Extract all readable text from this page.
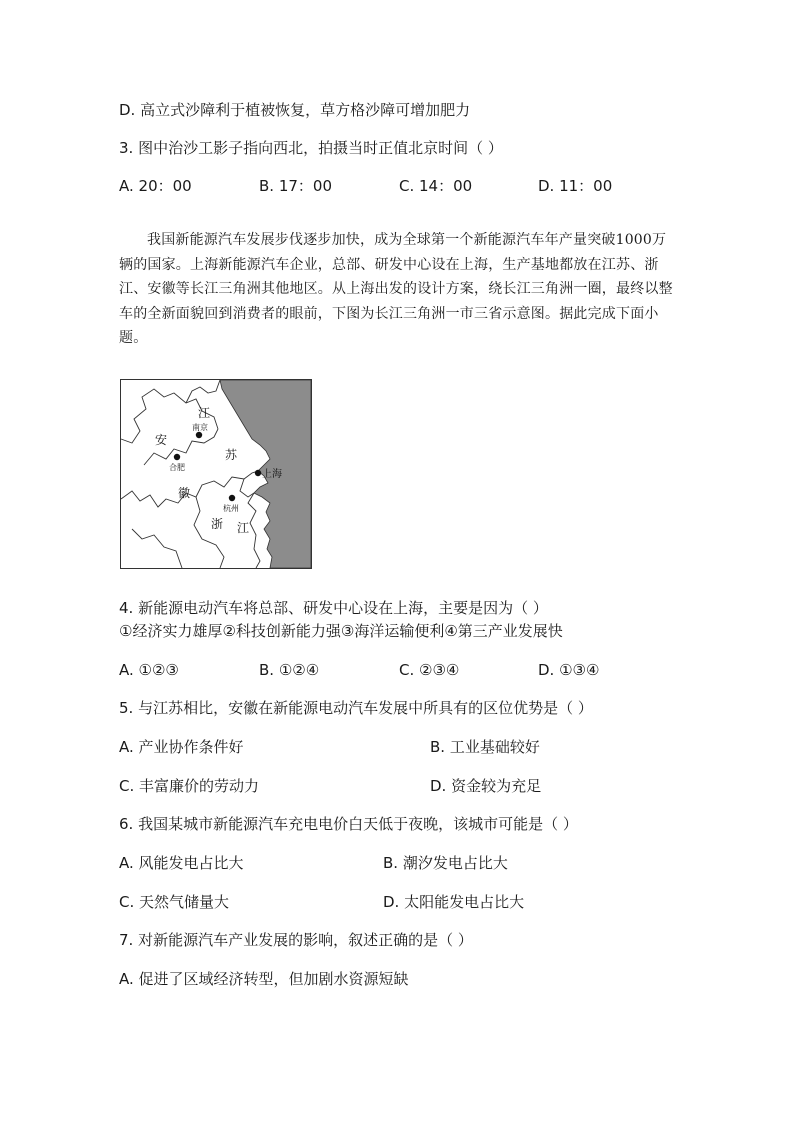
D. 高立式沙障利于植被恢复，草方格沙障可增加肥力
3. 图中治沙工影子指向西北，拍摄当时正值北京时间（ ）
A. 20：00	B. 17：00	C. 14：00	D. 11：00
我国新能源汽车发展步伐逐步加快，成为全球第一个新能源汽车年产量突破1000万辆的国家。上海新能源汽车企业，总部、研发中心设在上海，生产基地都放在江苏、浙江、安徽等长江三角洲其他地区。从上海出发的设计方案，绕长江三角洲一圈，最终以整车的全新面貌回到消费者的眼前，下图为长江三角洲一市三省示意图。据此完成下面小题。
江
南京
安
合肥
苏
上海
徽
杭州
浙 江
4. 新能源电动汽车将总部、研发中心设在上海，主要是因为（ ）
①经济实力雄厚②科技创新能力强③海洋运输便利④第三产业发展快
A. ①②③	B. ①②④	C. ②③④	D. ①③④
5. 与江苏相比，安徽在新能源电动汽车发展中所具有的区位优势是（ ）
A. 产业协作条件好	B. 工业基础较好
C. 丰富廉价的劳动力	D. 资金较为充足
6. 我国某城市新能源汽车充电电价白天低于夜晚，该城市可能是（ ）
A. 风能发电占比大	B. 潮汐发电占比大
C. 天然气储量大	D. 太阳能发电占比大
7. 对新能源汽车产业发展的影响，叙述正确的是（ ）
A. 促进了区域经济转型，但加剧水资源短缺
